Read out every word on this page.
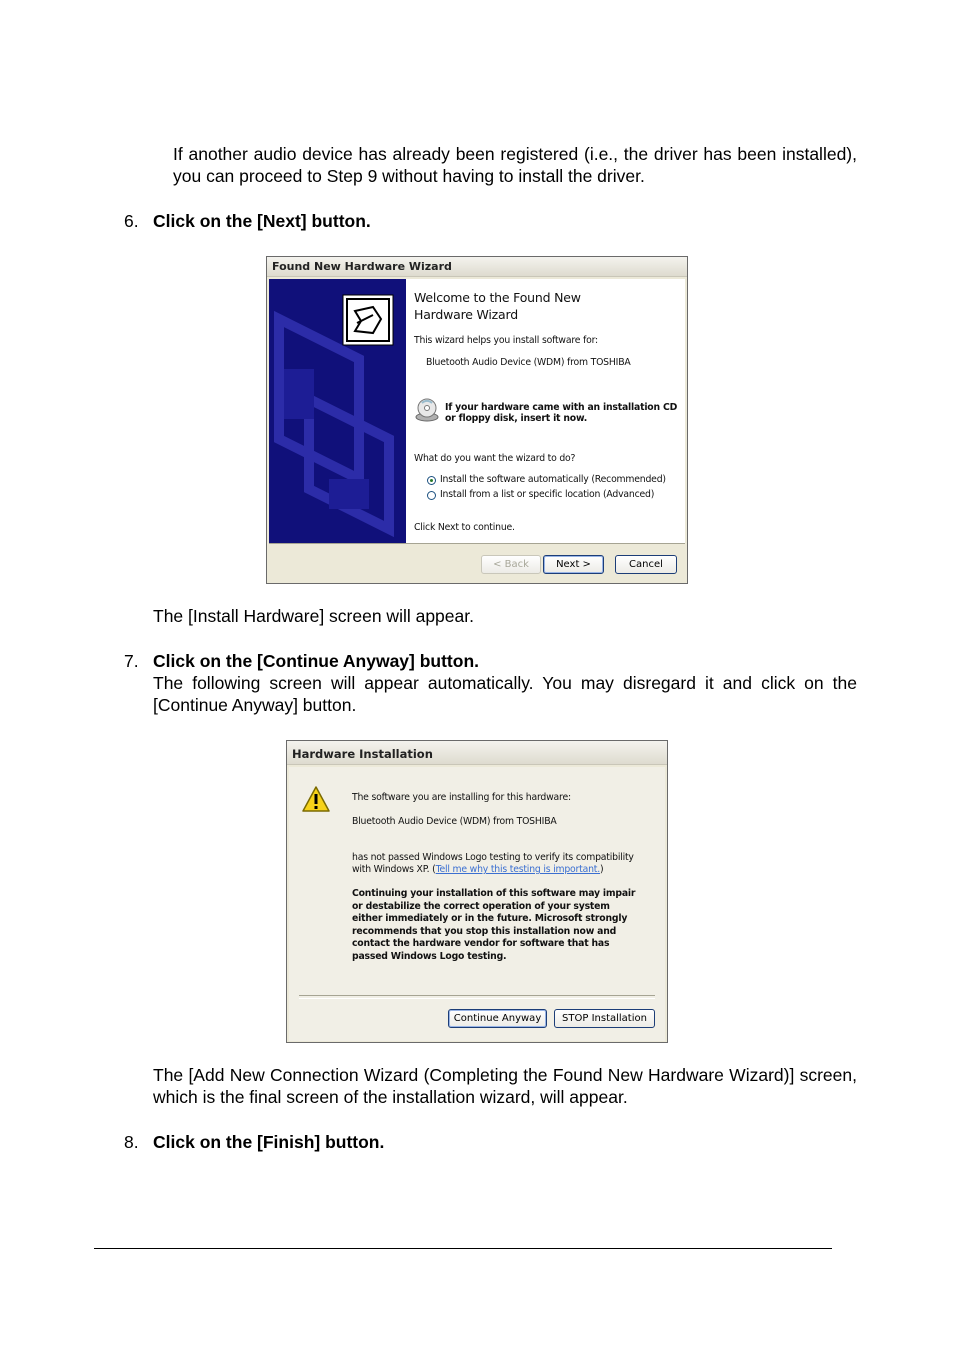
If another audio device has already been registered (i.e., the driver has been installed), you can proceed to Step 9 without having to install the driver.
6. Click on the [Next] button.
Found New Hardware Wizard
Welcome to the Found New
Hardware Wizard
This wizard helps you install software for:
Bluetooth Audio Device (WDM) from TOSHIBA
If your hardware came with an installation CD
or floppy disk, insert it now.
What do you want the wizard to do?
Install the software automatically (Recommended)
Install from a list or specific location (Advanced)
Click Next to continue.
< Back	Next >	Cancel
The [Install Hardware] screen will appear.
7. Click on the [Continue Anyway] button.
The following screen will appear automatically. You may disregard it and click on the [Continue Anyway] button.
Hardware Installation
The software you are installing for this hardware:
Bluetooth Audio Device (WDM) from TOSHIBA
has not passed Windows Logo testing to verify its compatibility
with Windows XP. (Tell me why this testing is important.)
Continuing your installation of this software may impair
or destabilize the correct operation of your system
either immediately or in the future. Microsoft strongly
recommends that you stop this installation now and
contact the hardware vendor for software that has
passed Windows Logo testing.
Continue Anyway	STOP Installation
The [Add New Connection Wizard (Completing the Found New Hardware Wizard)] screen, which is the final screen of the installation wizard, will appear.
8. Click on the [Finish] button.
